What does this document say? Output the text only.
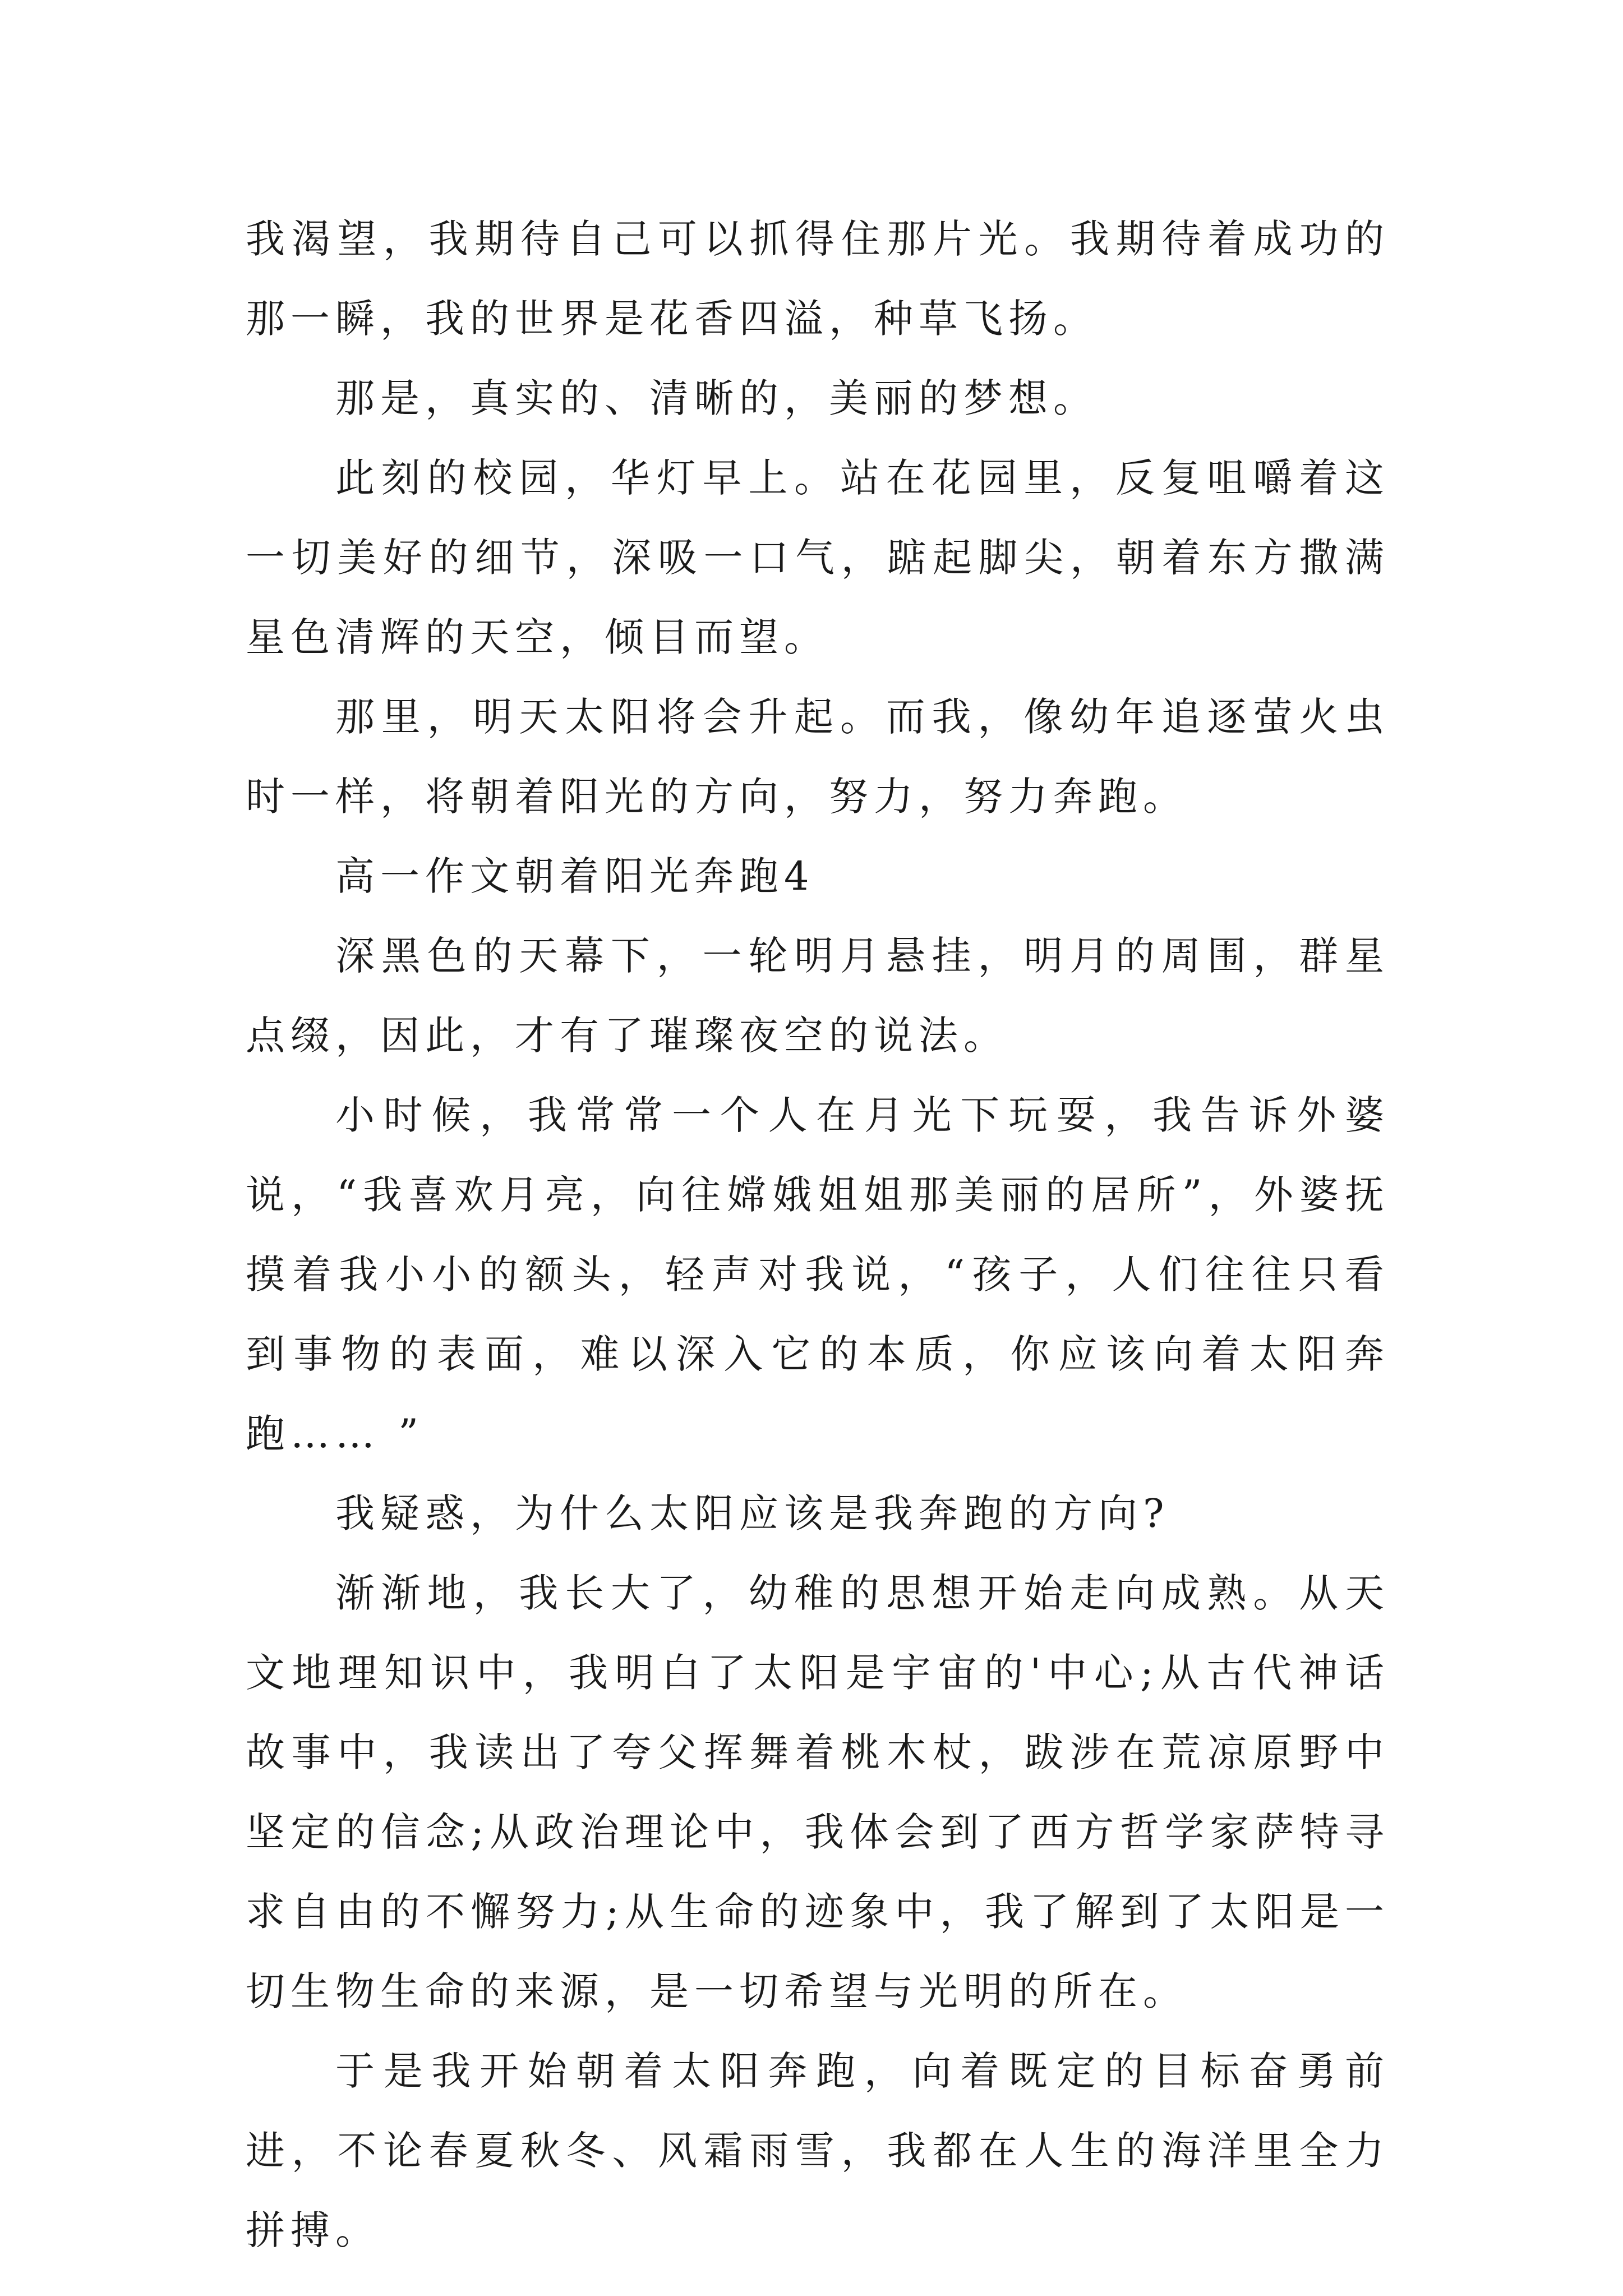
我渴望，我期待自己可以抓得住那片光。我期待着成功的那一瞬，我的世界是花香四溢，种草飞扬。

那是，真实的、清晰的，美丽的梦想。

此刻的校园，华灯早上。站在花园里，反复咀嚼着这一切美好的细节，深吸一口气，踮起脚尖，朝着东方撒满星色清辉的天空，倾目而望。

那里，明天太阳将会升起。而我，像幼年追逐萤火虫时一样，将朝着阳光的方向，努力，努力奔跑。

高一作文朝着阳光奔跑4

深黑色的天幕下，一轮明月悬挂，明月的周围，群星点缀，因此，才有了璀璨夜空的说法。

小时候，我常常一个人在月光下玩耍，我告诉外婆说，“我喜欢月亮，向往嫦娥姐姐那美丽的居所”，外婆抚摸着我小小的额头，轻声对我说，“孩子，人们往往只看到事物的表面，难以深入它的本质，你应该向着太阳奔跑…… ”

我疑惑，为什么太阳应该是我奔跑的方向?

渐渐地，我长大了，幼稚的思想开始走向成熟。从天文地理知识中，我明白了太阳是宇宙的'中心;从古代神话故事中，我读出了夸父挥舞着桃木杖，跋涉在荒凉原野中坚定的信念;从政治理论中，我体会到了西方哲学家萨特寻求自由的不懈努力;从生命的迹象中，我了解到了太阳是一切生物生命的来源，是一切希望与光明的所在。

于是我开始朝着太阳奔跑，向着既定的目标奋勇前进，不论春夏秋冬、风霜雨雪，我都在人生的海洋里全力拼搏。
